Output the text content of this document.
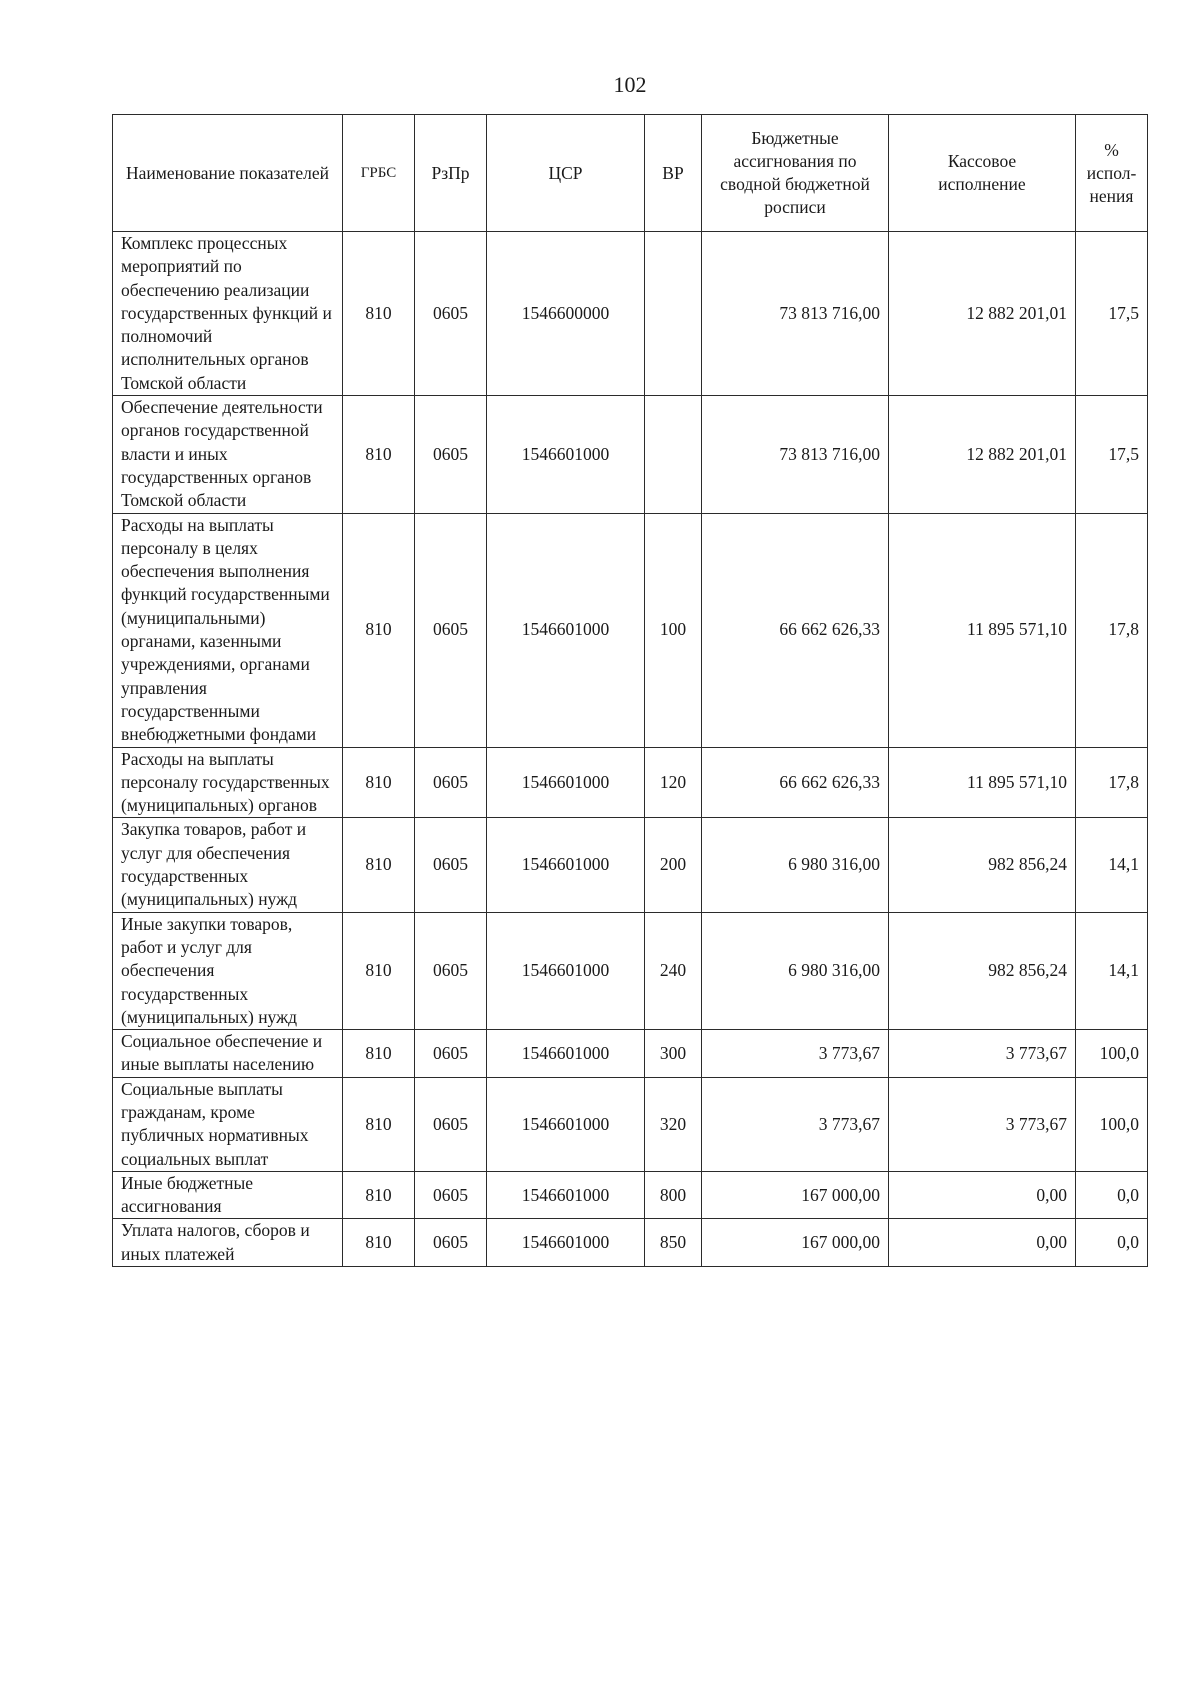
102
Наименование показателей	ГРБС	РзПр	ЦСР	ВР	Бюджетные ассигнования по сводной бюджетной росписи	Кассовое исполнение	% испол-нения
Комплекс процессных мероприятий по обеспечению реализации государственных функций и полномочий исполнительных органов Томской области	810	0605	1546600000		73 813 716,00	12 882 201,01	17,5
Обеспечение деятельности органов государственной власти и иных государственных органов Томской области	810	0605	1546601000		73 813 716,00	12 882 201,01	17,5
Расходы на выплаты персоналу в целях обеспечения выполнения функций государственными (муниципальными) органами, казенными учреждениями, органами управления государственными внебюджетными фондами	810	0605	1546601000	100	66 662 626,33	11 895 571,10	17,8
Расходы на выплаты персоналу государственных (муниципальных) органов	810	0605	1546601000	120	66 662 626,33	11 895 571,10	17,8
Закупка товаров, работ и услуг для обеспечения государственных (муниципальных) нужд	810	0605	1546601000	200	6 980 316,00	982 856,24	14,1
Иные закупки товаров, работ и услуг для обеспечения государственных (муниципальных) нужд	810	0605	1546601000	240	6 980 316,00	982 856,24	14,1
Социальное обеспечение и иные выплаты населению	810	0605	1546601000	300	3 773,67	3 773,67	100,0
Социальные выплаты гражданам, кроме публичных нормативных социальных выплат	810	0605	1546601000	320	3 773,67	3 773,67	100,0
Иные бюджетные ассигнования	810	0605	1546601000	800	167 000,00	0,00	0,0
Уплата налогов, сборов и иных платежей	810	0605	1546601000	850	167 000,00	0,00	0,0
